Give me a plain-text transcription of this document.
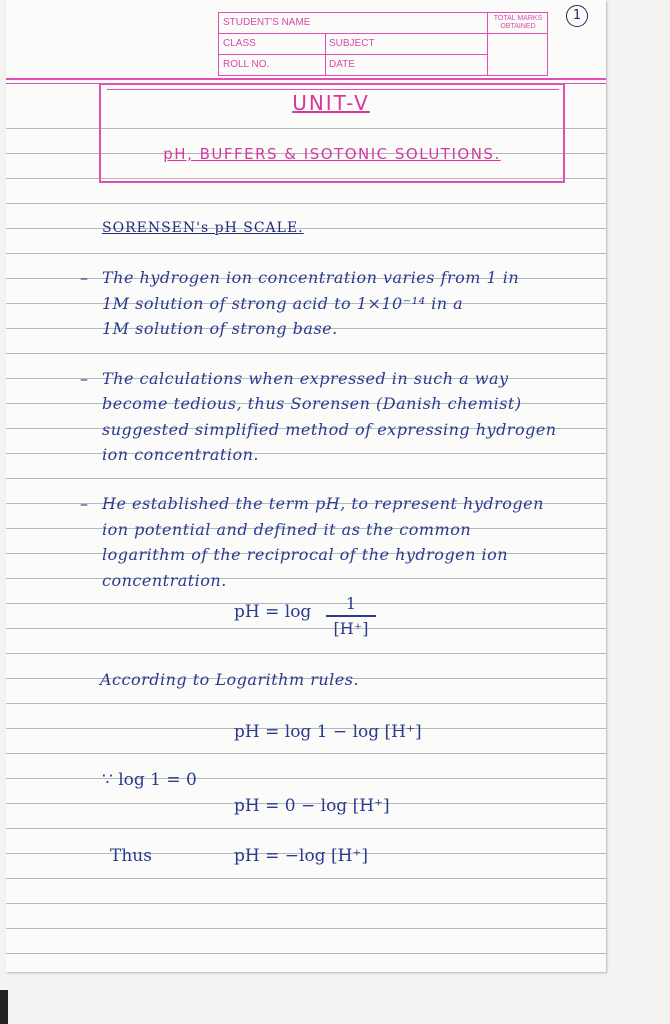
STUDENT'S NAME
CLASS	SUBJECT
ROLL NO.	DATE
TOTAL MARKS OBTAINED
1
UNIT-V
pH, BUFFERS & ISOTONIC SOLUTIONS.
SORENSEN's pH SCALE.
– The hydrogen ion concentration varies from 1 in
1M solution of strong acid to 1×10⁻¹⁴ in a
1M solution of strong base.
– The calculations when expressed in such a way
become tedious, thus Sorensen (Danish chemist)
suggested simplified method of expressing hydrogen
ion concentration.
– He established the term pH, to represent hydrogen
ion potential and defined it as the common
logarithm of the reciprocal of the hydrogen ion
concentration.
pH = log	1
[H⁺]
According to Logarithm rules.
pH = log 1 − log [H⁺]
∵ log 1 = 0
pH = 0 − log [H⁺]
Thus	pH = −log [H⁺]
